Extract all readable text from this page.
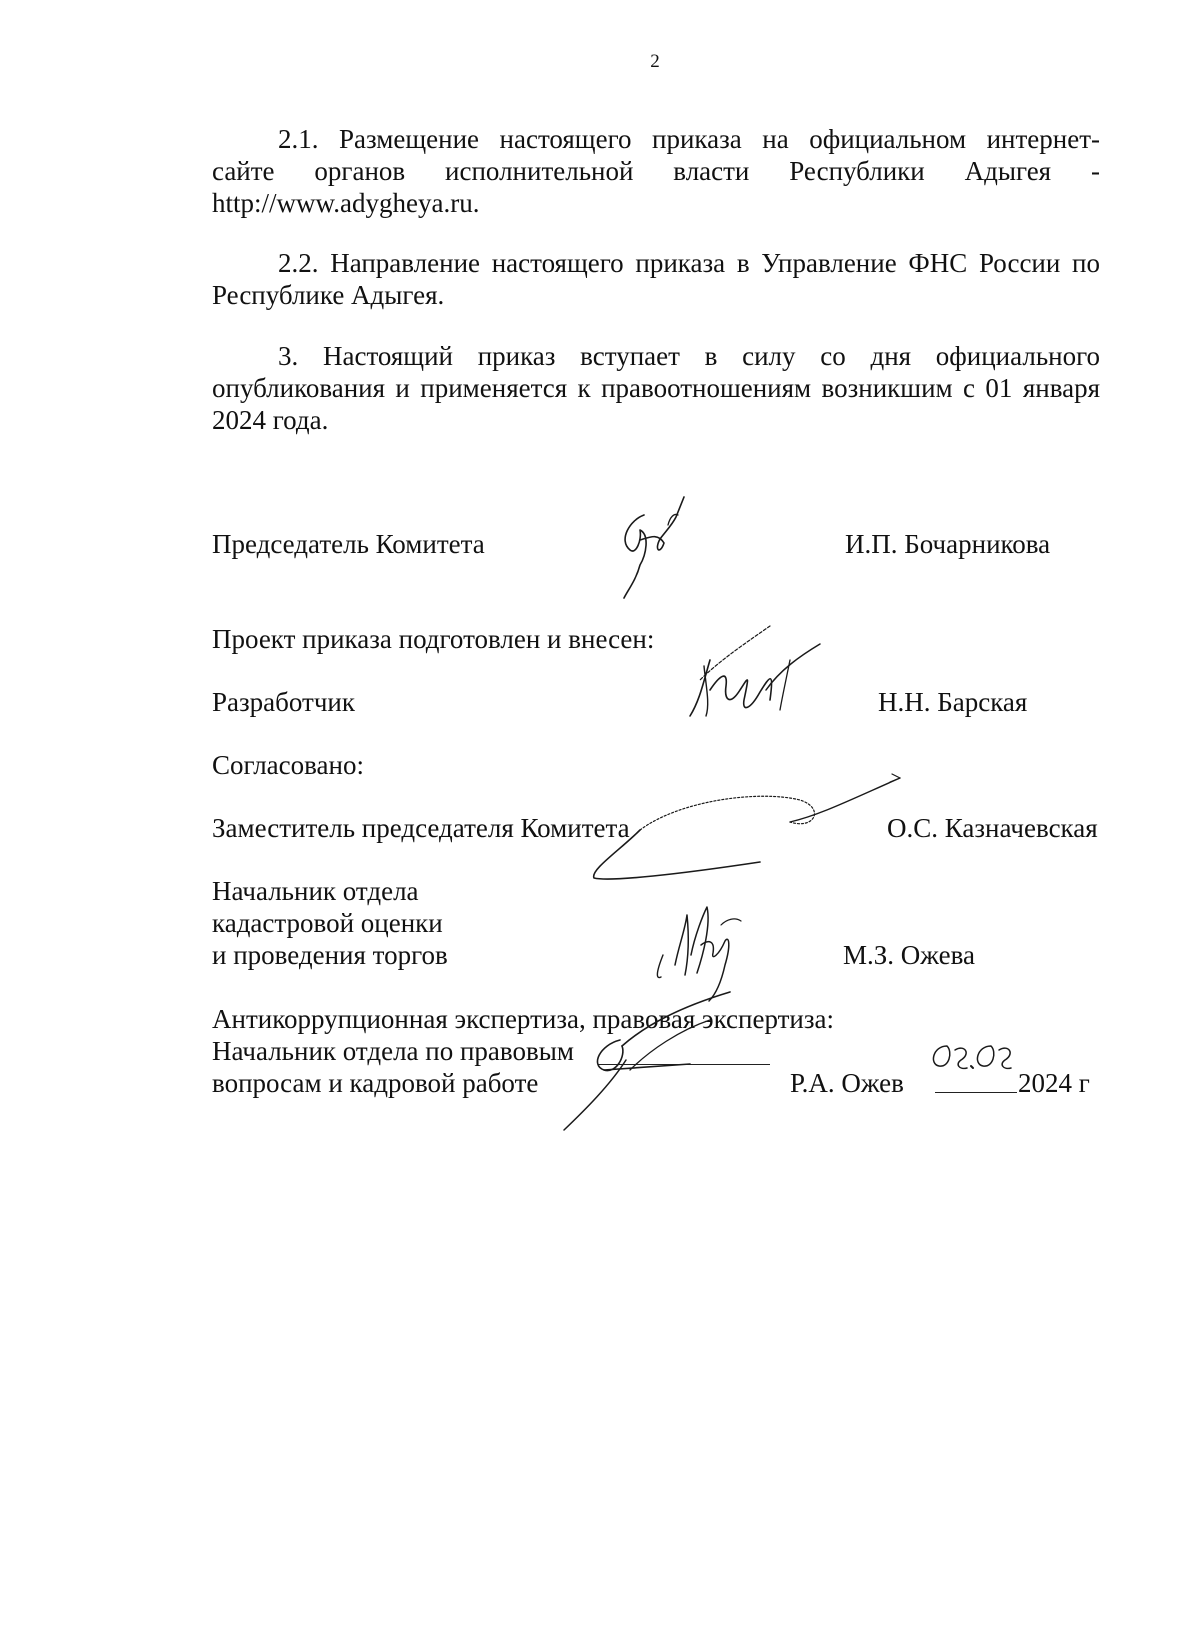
2
2.1. Размещение настоящего приказа на официальном интернет-
сайте органов исполнительной власти Республики Адыгея -
http://www.adygheya.ru.
2.2. Направление настоящего приказа в Управление ФНС России по Республике Адыгея.
3. Настоящий приказ вступает в силу со дня официального опубликования и применяется к правоотношениям возникшим с 01 января 2024 года.
Председатель Комитета	И.П. Бочарникова
Проект приказа подготовлен и внесен:
Разработчик	Н.Н. Барская
Согласовано:
Заместитель председателя Комитета	О.С. Казначевская
Начальник отдела
кадастровой оценки
и проведения торгов	М.З. Ожева
Антикоррупционная экспертиза, правовая экспертиза:
Начальник отдела по правовым
вопросам и кадровой работе	Р.А. Ожев	2024 г
